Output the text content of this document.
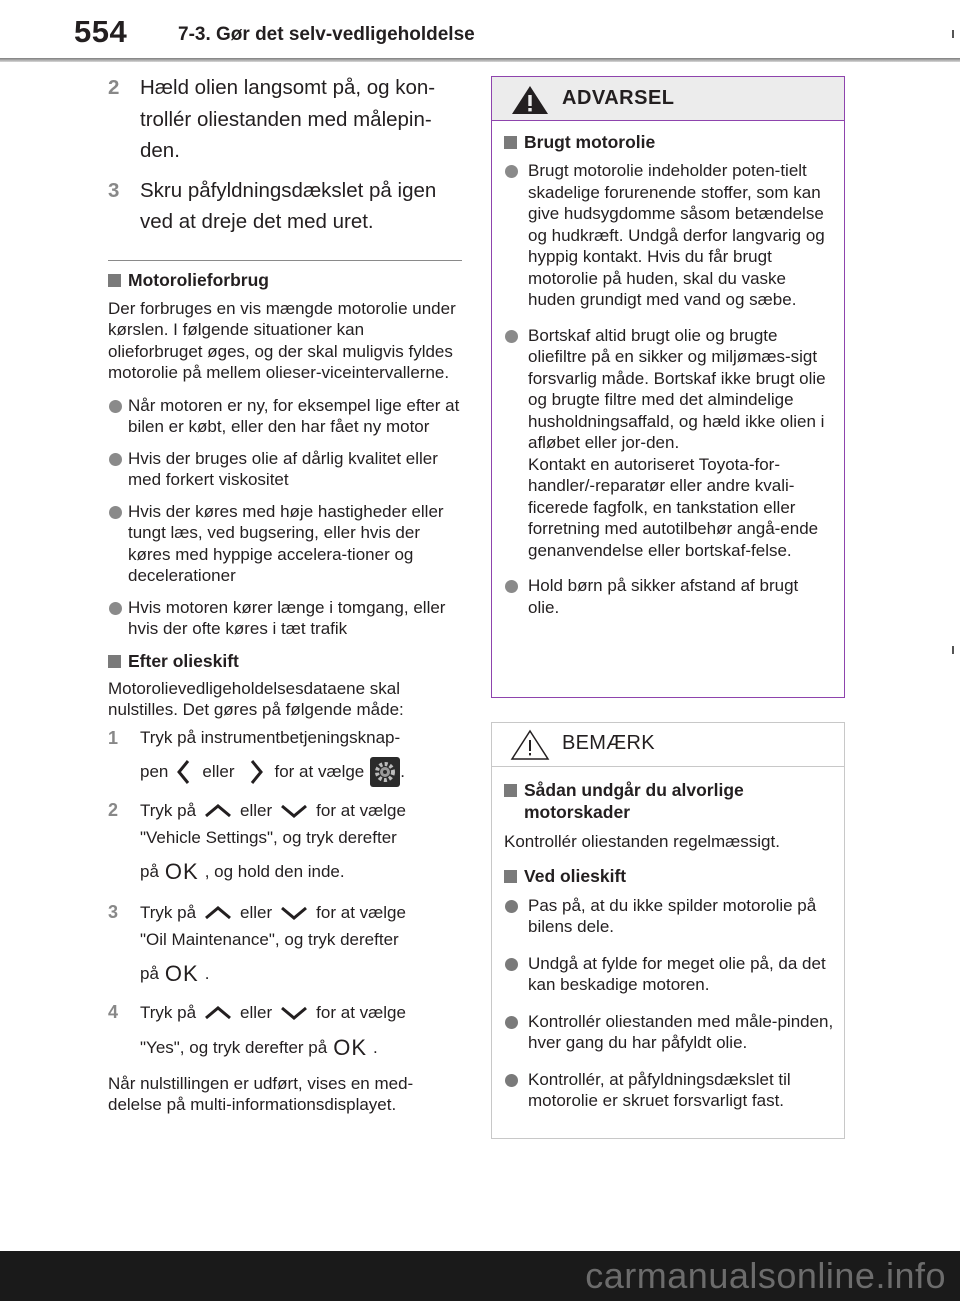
554	7-3. Gør det selv-vedligeholdelse
2 Hæld olien langsomt på, og kon-trollér oliestanden med målepin-den.
3 Skru påfyldningsdækslet på igen ved at dreje det med uret.
Motorolieforbrug
Der forbruges en vis mængde motorolie under kørslen. I følgende situationer kan olieforbruget øges, og der skal muligvis fyldes motorolie på mellem olieser-viceintervallerne.
Når motoren er ny, for eksempel lige efter at bilen er købt, eller den har fået ny motor
Hvis der bruges olie af dårlig kvalitet eller med forkert viskositet
Hvis der køres med høje hastigheder eller tungt læs, ved bugsering, eller hvis der køres med hyppige accelera-tioner og decelerationer
Hvis motoren kører længe i tomgang, eller hvis der ofte køres i tæt trafik
Efter olieskift
Motorolievedligeholdelsesdataene skal nulstilles. Det gøres på følgende måde:
1 Tryk på instrumentbetjeningsknap-
pen eller for at vælge .
2 Tryk på	eller	for at vælge
"Vehicle Settings", og tryk derefter
på OK , og hold den inde.
3 Tryk på	eller	for at vælge
"Oil Maintenance", og tryk derefter
på OK .
4 Tryk på	eller	for at vælge
"Yes", og tryk derefter på OK .
Når nulstillingen er udført, vises en med-delelse på multi-informationsdisplayet.
ADVARSEL
Brugt motorolie
Brugt motorolie indeholder poten-tielt skadelige forurenende stoffer, som kan give hudsygdomme såsom betændelse og hudkræft. Undgå derfor langvarig og hyppig kontakt. Hvis du får brugt motorolie på huden, skal du vaske huden grundigt med vand og sæbe.
Bortskaf altid brugt olie og brugte oliefiltre på en sikker og miljømæs-sigt forsvarlig måde. Bortskaf ikke brugt olie og brugte filtre med det almindelige husholdningsaffald, og hæld ikke olien i afløbet eller jor-den.
Kontakt en autoriseret Toyota-for-handler/-reparatør eller andre kvali-ficerede fagfolk, en tankstation eller forretning med autotilbehør angå-ende genanvendelse eller bortskaf-felse.
Hold børn på sikker afstand af brugt olie.
BEMÆRK
Sådan undgår du alvorlige motorskader
Kontrollér oliestanden regelmæssigt.
Ved olieskift
Pas på, at du ikke spilder motorolie på bilens dele.
Undgå at fylde for meget olie på, da det kan beskadige motoren.
Kontrollér oliestanden med måle-pinden, hver gang du har påfyldt olie.
Kontrollér, at påfyldningsdækslet til motorolie er skruet forsvarligt fast.
carmanualsonline.info
